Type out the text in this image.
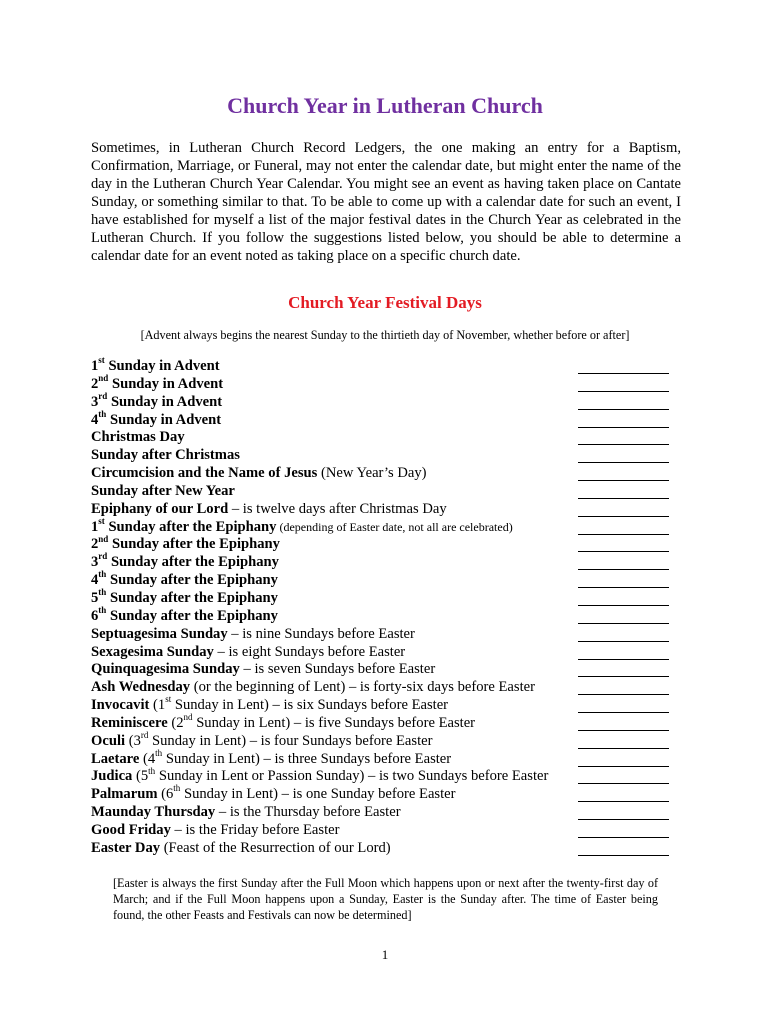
Church Year in Lutheran Church

Sometimes, in Lutheran Church Record Ledgers, the one making an entry for a Baptism, Confirmation, Marriage, or Funeral, may not enter the calendar date, but might enter the name of the day in the Lutheran Church Year Calendar. You might see an event as having taken place on Cantate Sunday, or something similar to that. To be able to come up with a calendar date for such an event, I have established for myself a list of the major festival dates in the Church Year as celebrated in the Lutheran Church. If you follow the suggestions listed below, you should be able to determine a calendar date for an event noted as taking place on a specific church date.

Church Year Festival Days
[Advent always begins the nearest Sunday to the thirtieth day of November, whether before or after]
1st Sunday in Advent
2nd Sunday in Advent
3rd Sunday in Advent
4th Sunday in Advent
Christmas Day
Sunday after Christmas
Circumcision and the Name of Jesus (New Year’s Day)
Sunday after New Year
Epiphany of our Lord – is twelve days after Christmas Day
1st Sunday after the Epiphany (depending of Easter date, not all are celebrated)
2nd Sunday after the Epiphany
3rd Sunday after the Epiphany
4th Sunday after the Epiphany
5th Sunday after the Epiphany
6th Sunday after the Epiphany
Septuagesima Sunday – is nine Sundays before Easter
Sexagesima Sunday – is eight Sundays before Easter
Quinquagesima Sunday – is seven Sundays before Easter
Ash Wednesday (or the beginning of Lent) – is forty-six days before Easter
Invocavit (1st Sunday in Lent) – is six Sundays before Easter
Reminiscere (2nd Sunday in Lent) – is five Sundays before Easter
Oculi (3rd Sunday in Lent) – is four Sundays before Easter
Laetare (4th Sunday in Lent) – is three Sundays before Easter
Judica (5th Sunday in Lent or Passion Sunday) – is two Sundays before Easter
Palmarum (6th Sunday in Lent) – is one Sunday before Easter
Maunday Thursday – is the Thursday before Easter
Good Friday – is the Friday before Easter
Easter Day (Feast of the Resurrection of our Lord)

[Easter is always the first Sunday after the Full Moon which happens upon or next after the twenty-first day of March; and if the Full Moon happens upon a Sunday, Easter is the Sunday after. The time of Easter being found, the other Feasts and Festivals can now be determined]

1
